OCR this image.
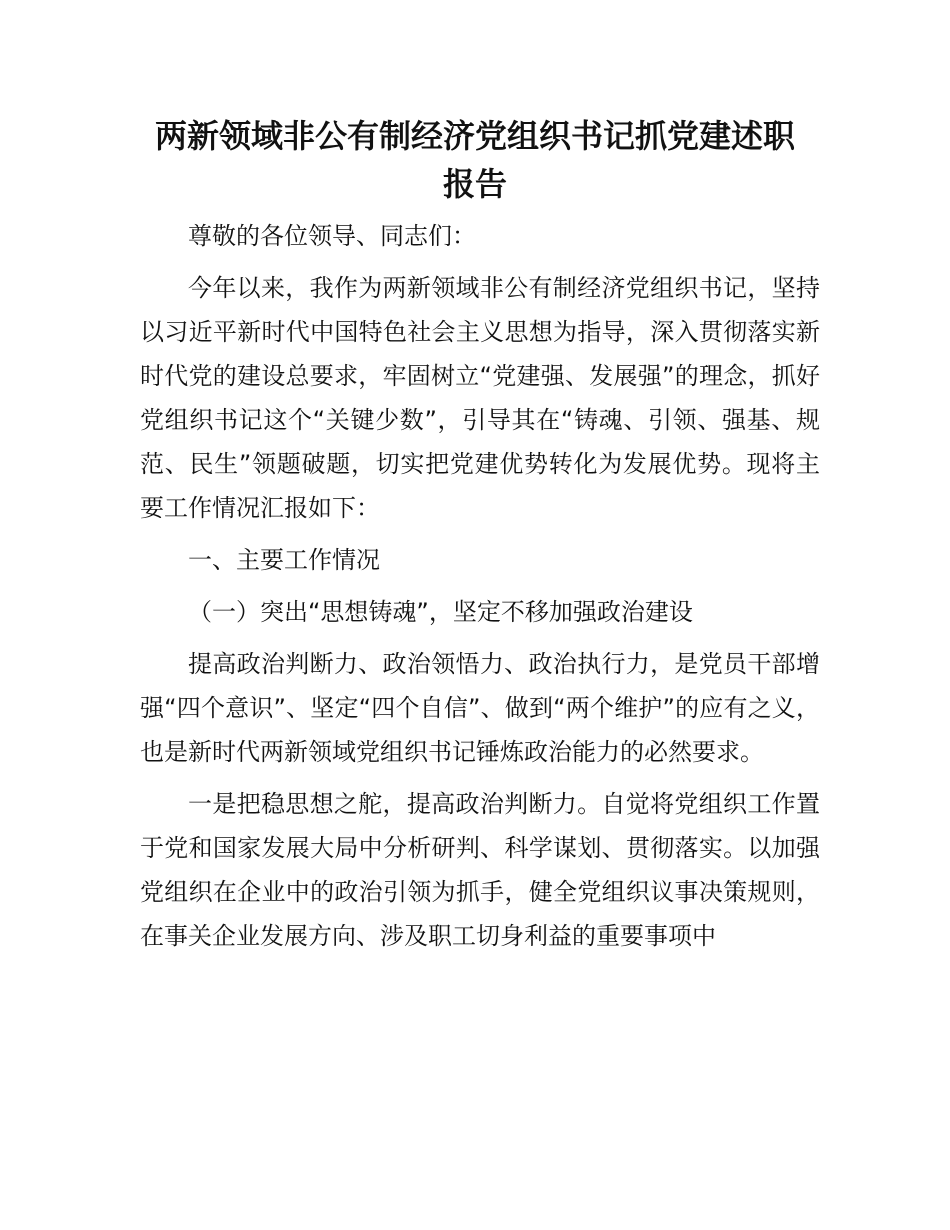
两新领域非公有制经济党组织书记抓党建述职报告

尊敬的各位领导、同志们：

今年以来，我作为两新领域非公有制经济党组织书记，坚持以习近平新时代中国特色社会主义思想为指导，深入贯彻落实新时代党的建设总要求，牢固树立“党建强、发展强”的理念，抓好党组织书记这个“关键少数”，引导其在“铸魂、引领、强基、规范、民生”领题破题，切实把党建优势转化为发展优势。现将主要工作情况汇报如下：

一、主要工作情况

（一）突出“思想铸魂”，坚定不移加强政治建设

提高政治判断力、政治领悟力、政治执行力，是党员干部增强“四个意识”、坚定“四个自信”、做到“两个维护”的应有之义，也是新时代两新领域党组织书记锤炼政治能力的必然要求。

一是把稳思想之舵，提高政治判断力。自觉将党组织工作置于党和国家发展大局中分析研判、科学谋划、贯彻落实。以加强党组织在企业中的政治引领为抓手，健全党组织议事决策规则，在事关企业发展方向、涉及职工切身利益的重要事项中
